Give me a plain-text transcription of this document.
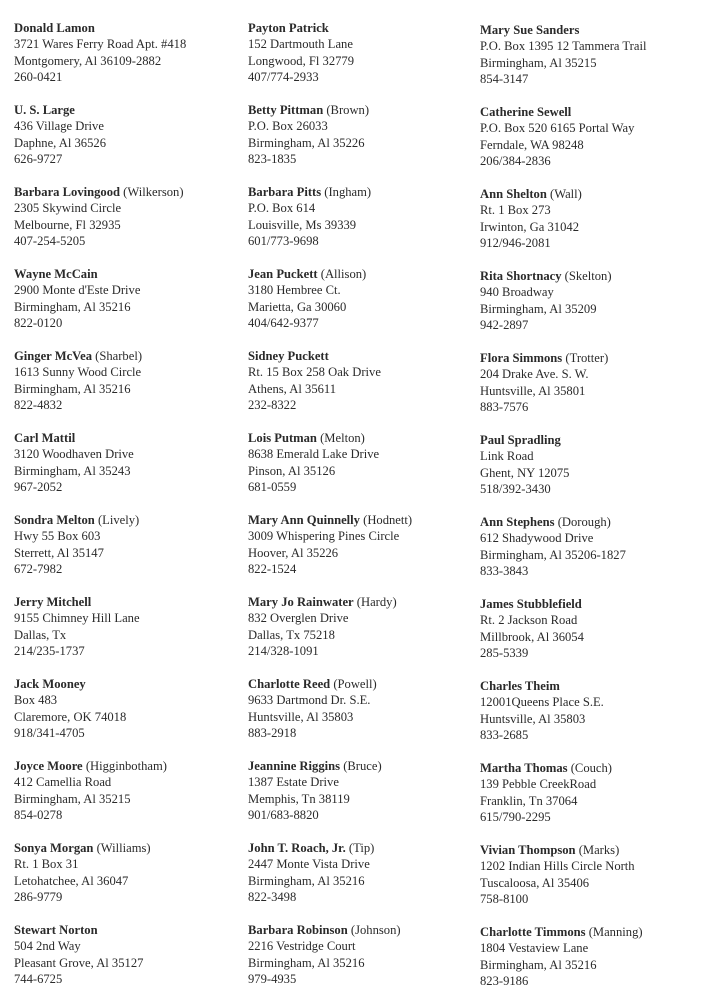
Donald Lamon
3721 Wares Ferry Road Apt. #418
Montgomery, Al 36109-2882
260-0421
U. S. Large
436 Village Drive
Daphne, Al 36526
626-9727
Barbara Lovingood (Wilkerson)
2305 Skywind Circle
Melbourne, Fl 32935
407-254-5205
Wayne McCain
2900 Monte d'Este Drive
Birmingham, Al 35216
822-0120
Ginger McVea (Sharbel)
1613 Sunny Wood Circle
Birmingham, Al 35216
822-4832
Carl Mattil
3120 Woodhaven Drive
Birmingham, Al 35243
967-2052
Sondra Melton (Lively)
Hwy 55 Box 603
Sterrett, Al 35147
672-7982
Jerry Mitchell
9155 Chimney Hill Lane
Dallas, Tx
214/235-1737
Jack Mooney
Box 483
Claremore, OK 74018
918/341-4705
Joyce Moore (Higginbotham)
412 Camellia Road
Birmingham, Al 35215
854-0278
Sonya Morgan (Williams)
Rt. 1 Box 31
Letohatchee, Al 36047
286-9779
Stewart Norton
504 2nd Way
Pleasant Grove, Al 35127
744-6725
Payton Patrick
152 Dartmouth Lane
Longwood, Fl 32779
407/774-2933
Betty Pittman (Brown)
P.O. Box 26033
Birmingham, Al 35226
823-1835
Barbara Pitts (Ingham)
P.O. Box 614
Louisville, Ms 39339
601/773-9698
Jean Puckett (Allison)
3180 Hembree Ct.
Marietta, Ga 30060
404/642-9377
Sidney Puckett
Rt. 15 Box 258 Oak Drive
Athens, Al 35611
232-8322
Lois Putman (Melton)
8638 Emerald Lake Drive
Pinson, Al 35126
681-0559
Mary Ann Quinnelly (Hodnett)
3009 Whispering Pines Circle
Hoover, Al 35226
822-1524
Mary Jo Rainwater (Hardy)
832 Overglen Drive
Dallas, Tx 75218
214/328-1091
Charlotte Reed (Powell)
9633 Dartmond Dr. S.E.
Huntsville, Al 35803
883-2918
Jeannine Riggins (Bruce)
1387 Estate Drive
Memphis, Tn 38119
901/683-8820
John T. Roach, Jr. (Tip)
2447 Monte Vista Drive
Birmingham, Al 35216
822-3498
Barbara Robinson (Johnson)
2216 Vestridge Court
Birmingham, Al 35216
979-4935
Mary Sue Sanders
P.O. Box 1395 12 Tammera Trail
Birmingham, Al 35215
854-3147
Catherine Sewell
P.O. Box 520 6165 Portal Way
Ferndale, WA 98248
206/384-2836
Ann Shelton (Wall)
Rt. 1 Box 273
Irwinton, Ga 31042
912/946-2081
Rita Shortnacy (Skelton)
940 Broadway
Birmingham, Al 35209
942-2897
Flora Simmons (Trotter)
204 Drake Ave. S. W.
Huntsville, Al 35801
883-7576
Paul Spradling
Link Road
Ghent, NY 12075
518/392-3430
Ann Stephens (Dorough)
612 Shadywood Drive
Birmingham, Al 35206-1827
833-3843
James Stubblefield
Rt. 2 Jackson Road
Millbrook, Al 36054
285-5339
Charles Theim
12001Queens Place S.E.
Huntsville, Al 35803
833-2685
Martha Thomas (Couch)
139 Pebble CreekRoad
Franklin, Tn 37064
615/790-2295
Vivian Thompson (Marks)
1202 Indian Hills Circle North
Tuscaloosa, Al 35406
758-8100
Charlotte Timmons (Manning)
1804 Vestaview Lane
Birmingham, Al 35216
823-9186
